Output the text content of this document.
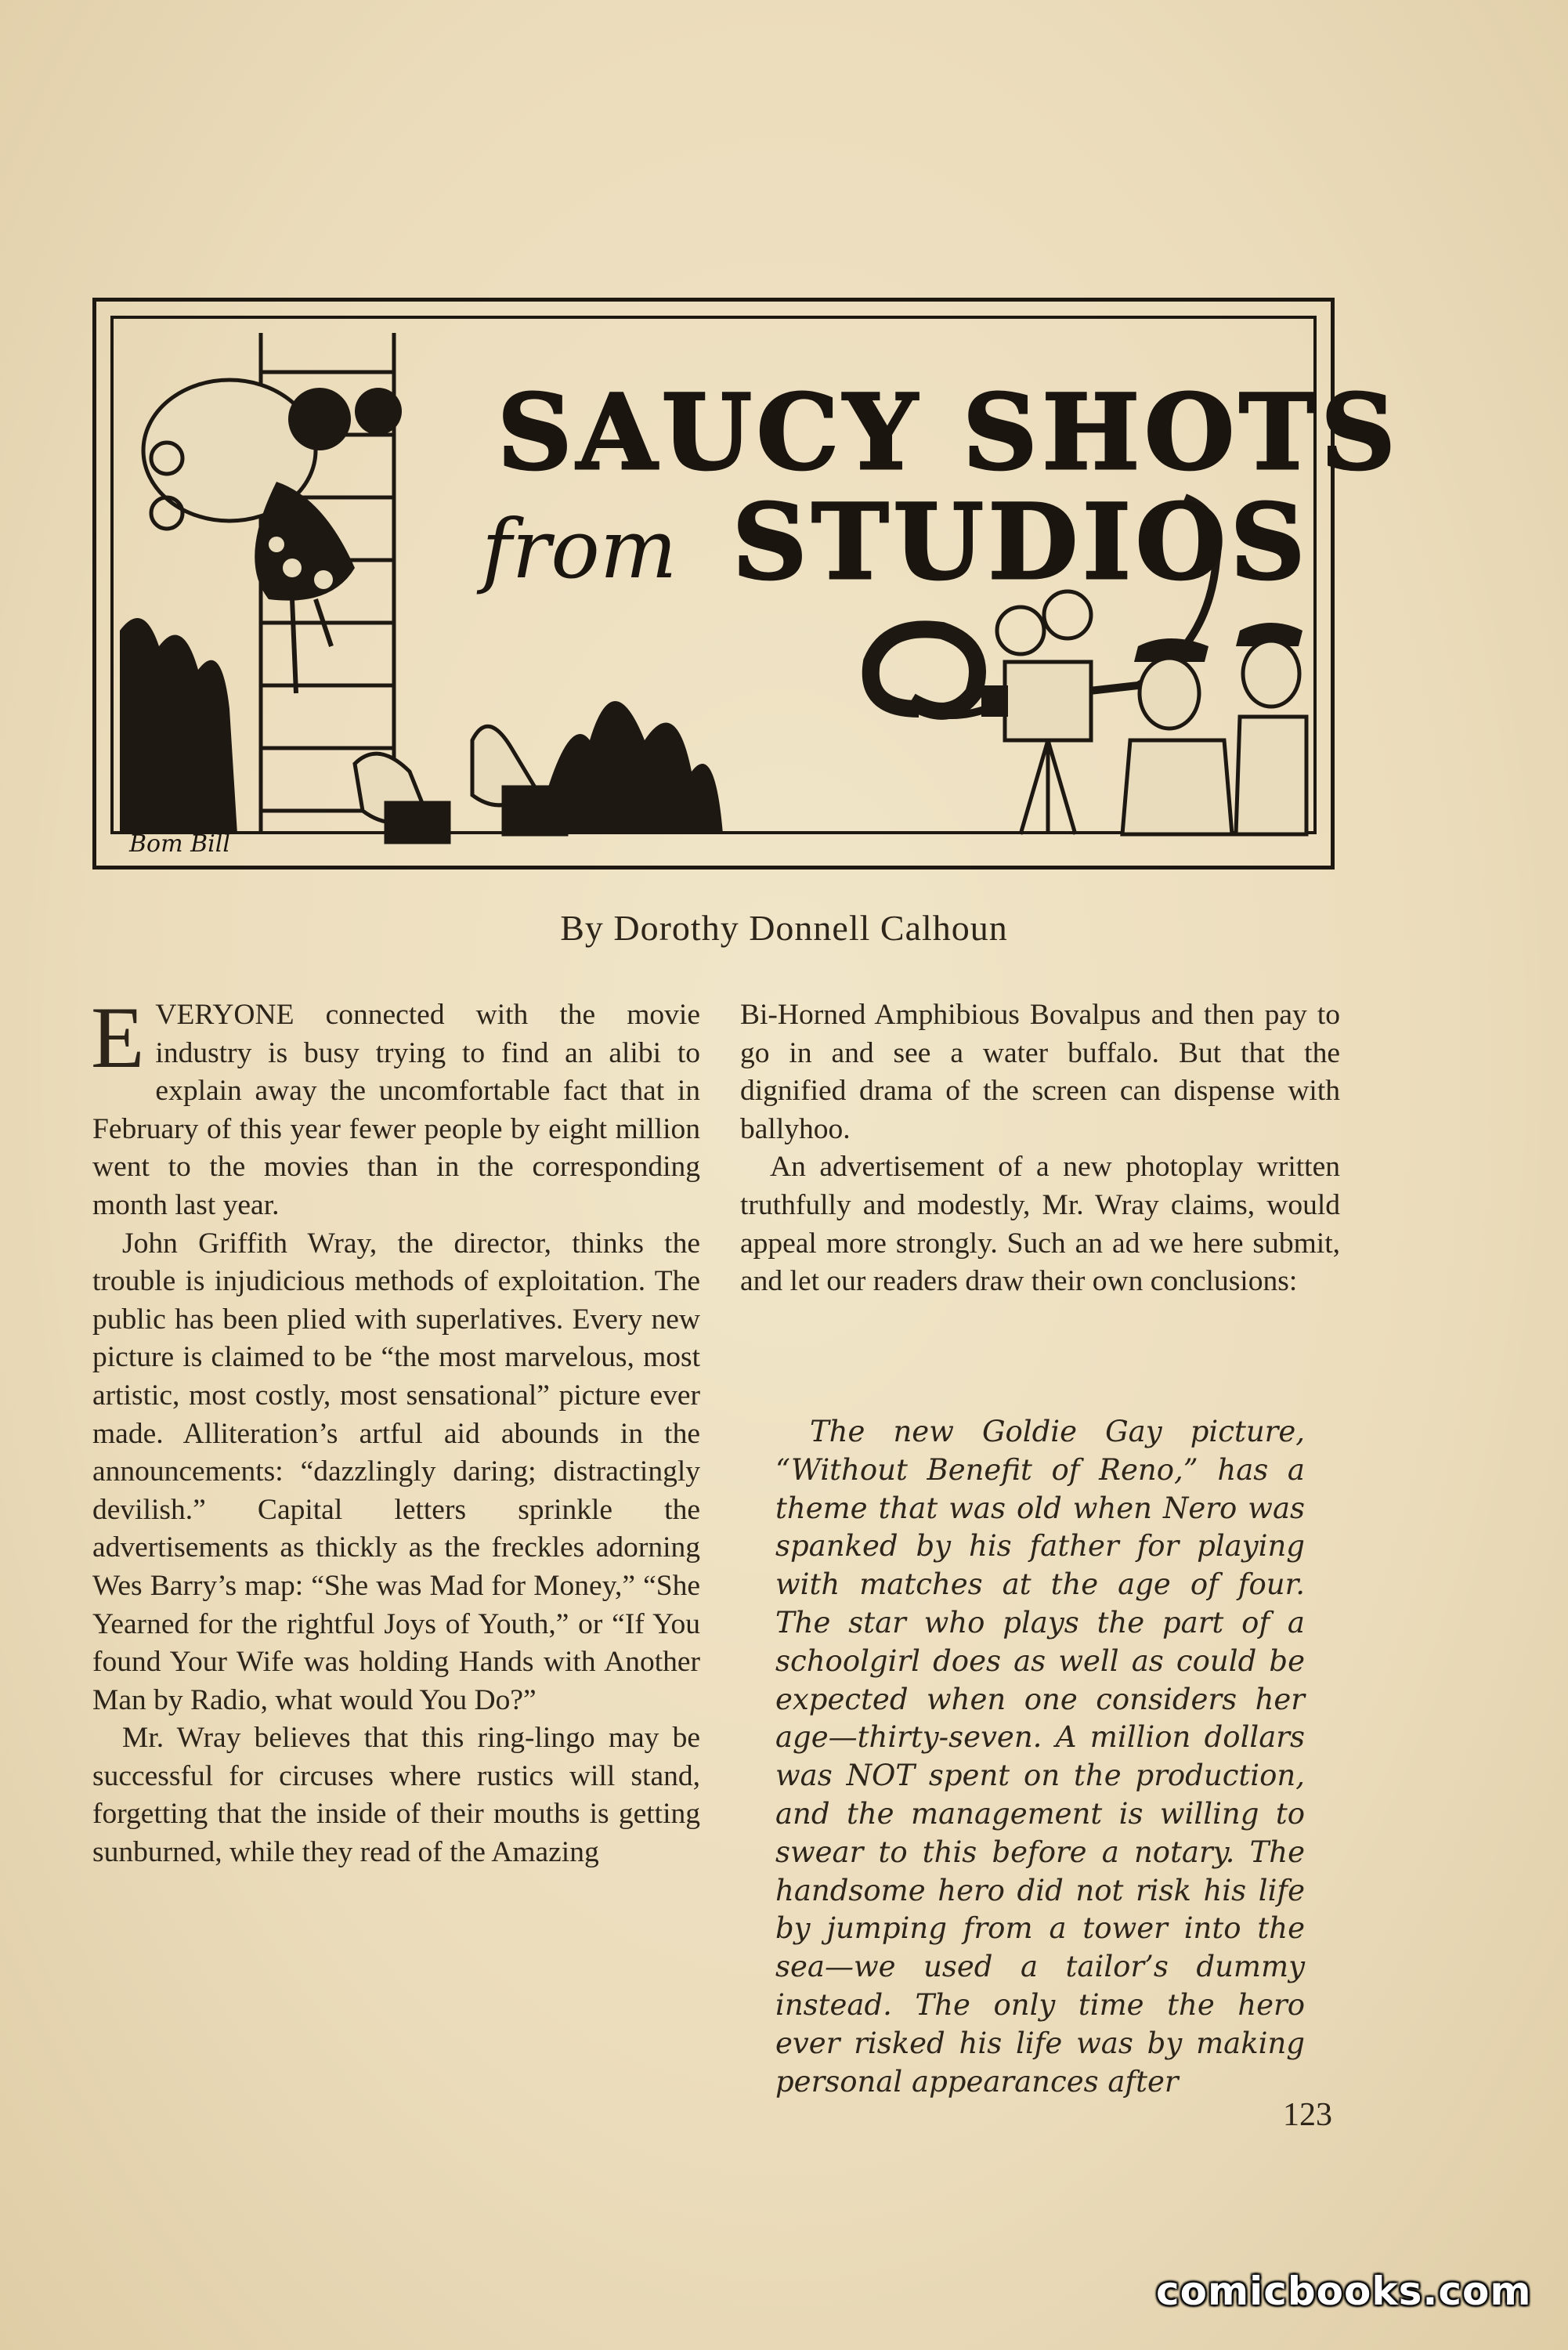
SAUCY SHOTS
from STUDIOS
Bom Bill
By Dorothy Donnell Calhoun

EVERYONE connected with the movie industry is busy trying to find an alibi to explain away the uncomfortable fact that in February of this year fewer people by eight million went to the movies than in the corresponding month last year.

John Griffith Wray, the director, thinks the trouble is injudicious methods of exploitation. The public has been plied with superlatives. Every new picture is claimed to be “the most marvelous, most artistic, most costly, most sensational” picture ever made. Alliteration’s artful aid abounds in the announcements: “dazzlingly daring; distractingly devilish.” Capital letters sprinkle the advertisements as thickly as the freckles adorning Wes Barry’s map: “She was Mad for Money,” “She Yearned for the rightful Joys of Youth,” or “If You found Your Wife was holding Hands with Another Man by Radio, what would You Do?”

Mr. Wray believes that this ring-lingo may be successful for circuses where rustics will stand, forgetting that the inside of their mouths is getting sunburned, while they read of the Amazing

Bi-Horned Amphibious Bovalpus and then pay to go in and see a water buffalo. But that the dignified drama of the screen can dispense with ballyhoo.

An advertisement of a new photoplay written truthfully and modestly, Mr. Wray claims, would appeal more strongly. Such an ad we here submit, and let our readers draw their own conclusions:

The new Goldie Gay picture, “Without Benefit of Reno,” has a theme that was old when Nero was spanked by his father for playing with matches at the age of four. The star who plays the part of a schoolgirl does as well as could be expected when one considers her age—thirty-seven. A million dollars was NOT spent on the production, and the management is willing to swear to this before a notary. The handsome hero did not risk his life by jumping from a tower into the sea—we used a tailor’s dummy instead. The only time the hero ever risked his life was by making personal appearances after

123
comicbooks.com
